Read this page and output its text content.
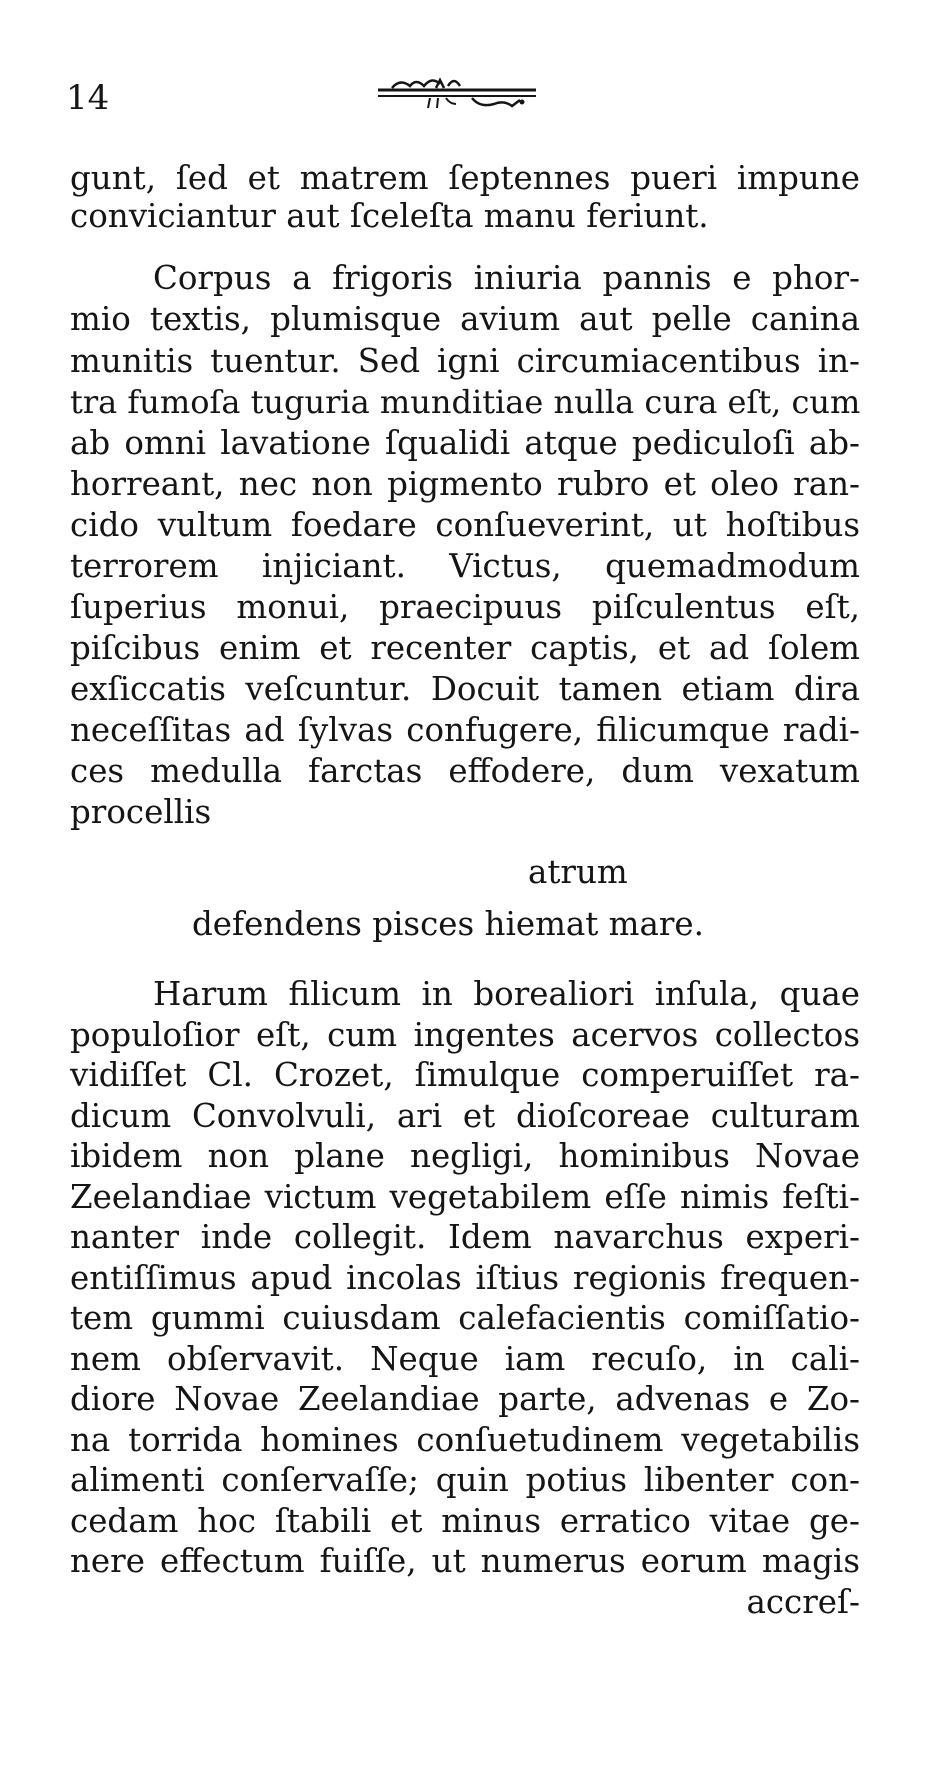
14
gunt, ſed et matrem ſeptennes pueri impune
conviciantur aut ſceleſta manu feriunt.
Corpus a frigoris iniuria pannis e phor-
mio textis, plumisque avium aut pelle canina
munitis tuentur. Sed igni circumiacentibus in-
tra fumoſa tuguria munditiae nulla cura eſt, cum
ab omni lavatione ſqualidi atque pediculoſi ab-
horreant, nec non pigmento rubro et oleo ran-
cido vultum foedare conſueverint, ut hoſtibus
terrorem injiciant. Victus, quemadmodum
ſuperius monui, praecipuus piſculentus eſt,
piſcibus enim et recenter captis, et ad ſolem
exſiccatis veſcuntur. Docuit tamen etiam dira
neceſſitas ad ſylvas confugere, filicumque radi-
ces medulla farctas effodere, dum vexatum
procellis
atrum
defendens pisces hiemat mare.
Harum filicum in borealiori inſula, quae
populoſior eſt, cum ingentes acervos collectos
vidiſſet Cl. Crozet, ſimulque comperuiſſet ra-
dicum Convolvuli, ari et dioſcoreae culturam
ibidem non plane negligi, hominibus Novae
Zeelandiae victum vegetabilem eſſe nimis feſti-
nanter inde collegit. Idem navarchus experi-
entiſſimus apud incolas iſtius regionis frequen-
tem gummi cuiusdam calefacientis comiſſatio-
nem obſervavit. Neque iam recuſo, in cali-
diore Novae Zeelandiae parte, advenas e Zo-
na torrida homines conſuetudinem vegetabilis
alimenti conſervaſſe; quin potius libenter con-
cedam hoc ſtabili et minus erratico vitae ge-
nere effectum fuiſſe, ut numerus eorum magis
accreſ-
